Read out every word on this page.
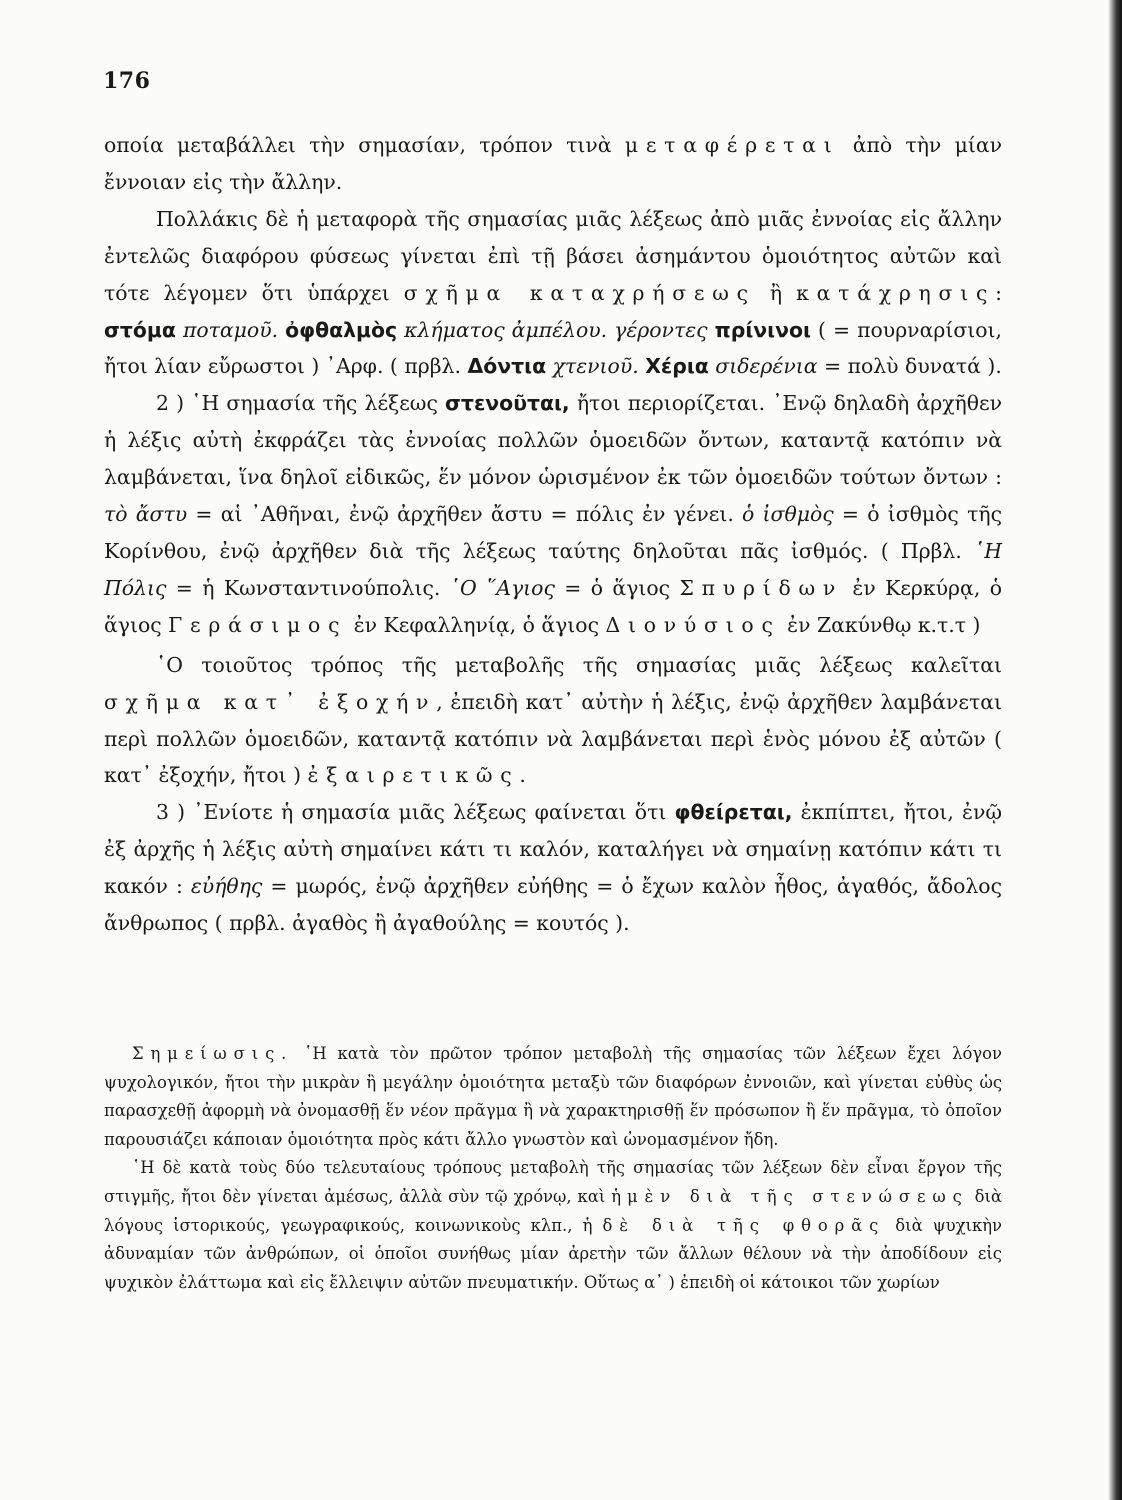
176

οποία μεταβάλλει τὴν σημασίαν, τρόπον τινὰ μεταφέρεται ἀπὸ τὴν μίαν ἔννοιαν εἰς τὴν ἄλλην.

Πολλάκις δὲ ἡ μεταφορὰ τῆς σημασίας μιᾶς λέξεως ἀπὸ μιᾶς ἐννοίας εἰς ἄλλην ἐντελῶς διαφόρου φύσεως γίνεται ἐπὶ τῇ βάσει ἀσημάντου ὁμοιότητος αὐτῶν καὶ τότε λέγομεν ὅτι ὑπάρχει σχῆμα καταχρήσεως ἢ κατάχρησις: στόμα ποταμοῦ. ὀφθαλμὸς κλήματος ἀμπέλου. γέροντες πρίνινοι ( = πουρναρίσιοι, ἤτοι λίαν εὔρωστοι ) ᾿Αρφ. ( πρβλ. Δόντια χτενιοῦ. Χέρια σιδερένια = πολὺ δυνατά ).

2 ) ῾Η σημασία τῆς λέξεως στενοῦται, ἤτοι περιορίζεται. ᾿Ενῷ δηλαδὴ ἀρχῆθεν ἡ λέξις αὐτὴ ἐκφράζει τὰς ἐννοίας πολλῶν ὁμοειδῶν ὄντων, καταντᾷ κατόπιν νὰ λαμβάνεται, ἵνα δηλοῖ εἰδικῶς, ἕν μόνον ὡρισμένον ἐκ τῶν ὁμοειδῶν τούτων ὄντων : τὸ ἄστυ = αἱ ᾿Αθῆναι, ἐνῷ ἀρχῆθεν ἄστυ = πόλις ἐν γένει. ὁ ἰσθμὸς = ὁ ἰσθμὸς τῆς Κορίνθου, ἐνῷ ἀρχῆθεν διὰ τῆς λέξεως ταύτης δηλοῦται πᾶς ἰσθμός. ( Πρβλ. ῾Η Πόλις = ἡ Κωνσταντινούπολις. ῾Ο ῞Αγιος = ὁ ἅγιος Σπυρίδων ἐν Κερκύρᾳ, ὁ ἅγιος Γεράσιμος ἐν Κεφαλληνίᾳ, ὁ ἅγιος Διονύσιος ἐν Ζακύνθῳ κ.τ.τ )

῾Ο τοιοῦτος τρόπος τῆς μεταβολῆς τῆς σημασίας μιᾶς λέξεως καλεῖται σχῆμα κατ᾿ ἐξοχήν, ἐπειδὴ κατ᾿ αὐτὴν ἡ λέξις, ἐνῷ ἀρχῆθεν λαμβάνεται περὶ πολλῶν ὁμοειδῶν, καταντᾷ κατόπιν νὰ λαμβάνεται περὶ ἑνὸς μόνου ἐξ αὐτῶν ( κατ᾿ ἐξοχήν, ἤτοι ) ἐξαιρετικῶς.

3 ) ᾿Ενίοτε ἡ σημασία μιᾶς λέξεως φαίνεται ὅτι φθείρεται, ἐκπίπτει, ἤτοι, ἐνῷ ἐξ ἀρχῆς ἡ λέξις αὐτὴ σημαίνει κάτι τι καλόν, καταλήγει νὰ σημαίνῃ κατόπιν κάτι τι κακόν : εὐήθης = μωρός, ἐνῷ ἀρχῆθεν εὐήθης = ὁ ἔχων καλὸν ἦθος, ἀγαθός, ἄδολος ἄνθρωπος ( πρβλ. ἀγαθὸς ἢ ἀγαθούλης = κουτός ).

Σημείωσις. ῾Η κατὰ τὸν πρῶτον τρόπον μεταβολὴ τῆς σημασίας τῶν λέξεων ἔχει λόγον ψυχολογικόν, ἤτοι τὴν μικρὰν ἢ μεγάλην ὁμοιότητα μεταξὺ τῶν διαφόρων ἐννοιῶν, καὶ γίνεται εὐθὺς ὡς παρασχεθῇ ἀφορμὴ νὰ ὀνομασθῇ ἕν νέον πρᾶγμα ἢ νὰ χαρακτηρισθῇ ἕν πρόσωπον ἢ ἕν πρᾶγμα, τὸ ὁποῖον παρουσιάζει κάποιαν ὁμοιότητα πρὸς κάτι ἄλλο γνωστὸν καὶ ὠνομασμένον ἤδη.

῾Η δὲ κατὰ τοὺς δύο τελευταίους τρόπους μεταβολὴ τῆς σημασίας τῶν λέξεων δὲν εἶναι ἔργον τῆς στιγμῆς, ἤτοι δὲν γίνεται ἀμέσως, ἀλλὰ σὺν τῷ χρόνῳ, καὶ ἡ μὲν διὰ τῆς στενώσεως διὰ λόγους ἱστορικούς, γεωγραφικούς, κοινωνικοὺς κλπ., ἡ δὲ διὰ τῆς φθορᾶς διὰ ψυχικὴν ἀδυναμίαν τῶν ἀνθρώπων, οἱ ὁποῖοι συνήθως μίαν ἀρετὴν τῶν ἄλλων θέλουν νὰ τὴν ἀποδίδουν εἰς ψυχικὸν ἐλάττωμα καὶ εἰς ἔλλειψιν αὐτῶν πνευματικήν. Οὕτως α᾿ ) ἐπειδὴ οἱ κάτοικοι τῶν χωρίων
